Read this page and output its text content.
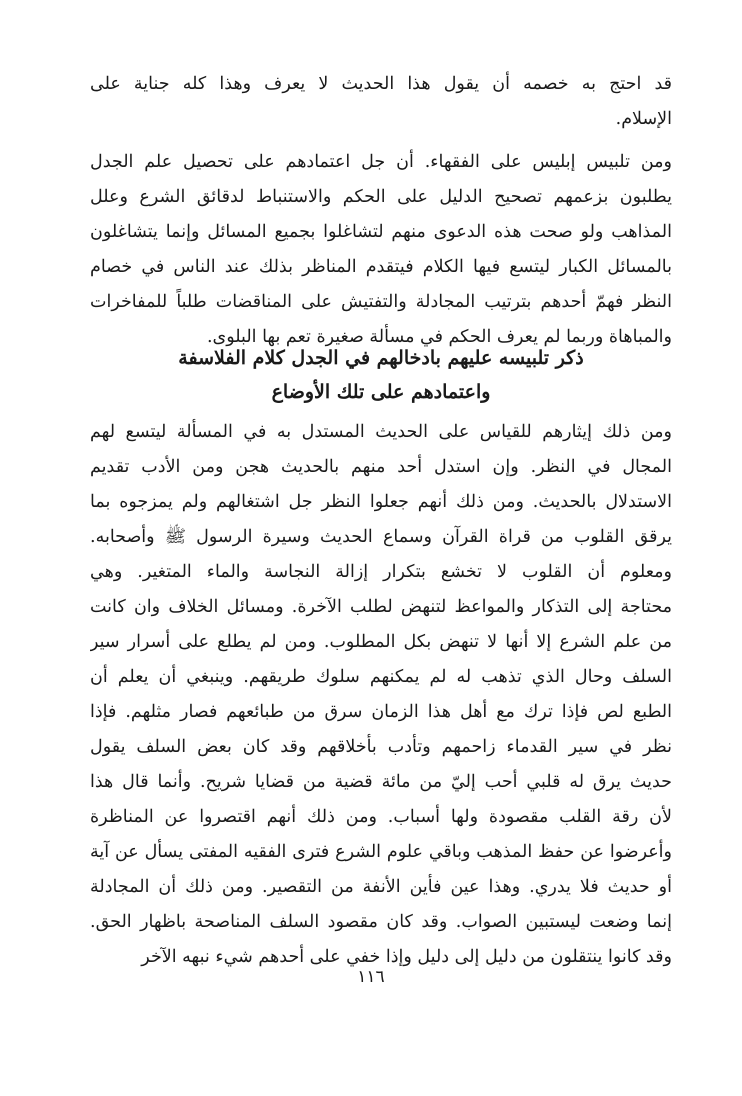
قد احتج به خصمه أن يقول هذا الحديث لا يعرف وهذا كله جناية على
الإسلام.
ومن تلبيس إبليس على الفقهاء. أن جل اعتمادهم على تحصيل علم الجدل
يطلبون بزعمهم تصحيح الدليل على الحكم والاستنباط لدقائق الشرع وعلل
المذاهب ولو صحت هذه الدعوى منهم لتشاغلوا بجميع المسائل وإنما يتشاغلون
بالمسائل الكبار ليتسع فيها الكلام فيتقدم المناظر بذلك عند الناس في خصام
النظر فهمّ أحدهم بترتيب المجادلة والتفتيش على المناقضات طلباً للمفاخرات
والمباهاة وربما لم يعرف الحكم في مسألة صغيرة تعم بها البلوى.
ذكر تلبيسه عليهم بادخالهم في الجدل كلام الفلاسفة
واعتمادهم على تلك الأوضاع
ومن ذلك إيثارهم للقياس على الحديث المستدل به في المسألة ليتسع لهم
المجال في النظر. وإن استدل أحد منهم بالحديث هجن ومن الأدب تقديم
الاستدلال بالحديث. ومن ذلك أنهم جعلوا النظر جل اشتغالهم ولم يمزجوه بما
يرقق القلوب من قراة القرآن وسماع الحديث وسيرة الرسول ﷺ وأصحابه.
ومعلوم أن القلوب لا تخشع بتكرار إزالة النجاسة والماء المتغير. وهي
محتاجة إلى التذكار والمواعظ لتنهض لطلب الآخرة. ومسائل الخلاف وان كانت
من علم الشرع إلا أنها لا تنهض بكل المطلوب. ومن لم يطلع على أسرار سير
السلف وحال الذي تذهب له لم يمكنهم سلوك طريقهم. وينبغي أن يعلم أن
الطبع لص فإذا ترك مع أهل هذا الزمان سرق من طبائعهم فصار مثلهم. فإذا
نظر في سير القدماء زاحمهم وتأدب بأخلاقهم وقد كان بعض السلف يقول
حديث يرق له قلبي أحب إليّ من مائة قضية من قضايا شريح. وأنما قال هذا
لأن رقة القلب مقصودة ولها أسباب. ومن ذلك أنهم اقتصروا عن المناظرة
وأعرضوا عن حفظ المذهب وباقي علوم الشرع فترى الفقيه المفتى يسأل عن آية
أو حديث فلا يدري. وهذا عين فأين الأنفة من التقصير. ومن ذلك أن المجادلة
إنما وضعت ليستبين الصواب. وقد كان مقصود السلف المناصحة باظهار الحق.
وقد كانوا ينتقلون من دليل إلى دليل وإذا خفي على أحدهم شيء نبهه الآخر
١١٦
